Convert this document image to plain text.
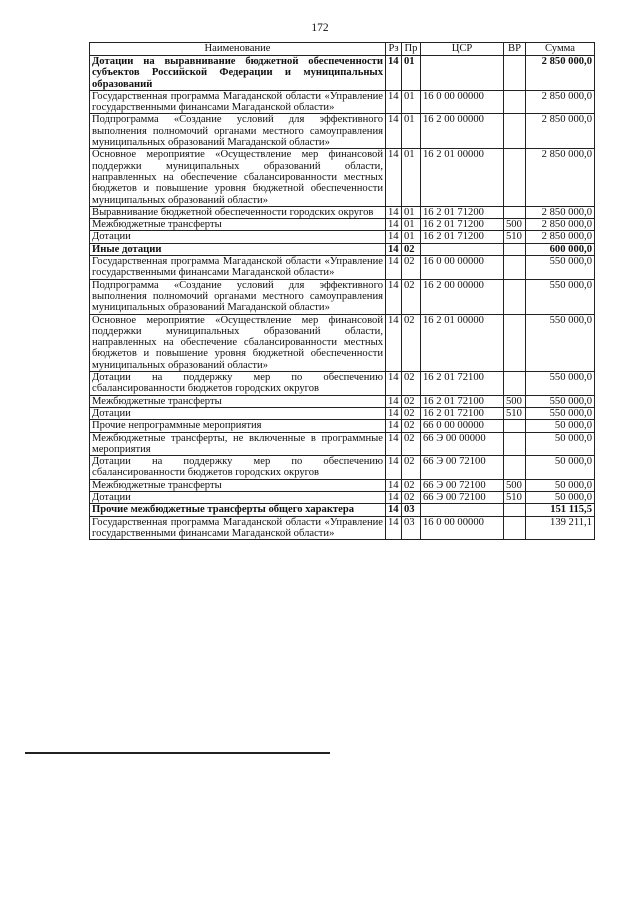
172
Наименование	Рз	Пр	ЦСР	ВР	Сумма
Дотации на выравнивание бюджетной обеспеченности субъектов Российской Федерации и муниципальных образований	14	01			2 850 000,0
Государственная программа Магаданской области «Управление государственными финансами Магаданской области»	14	01	16 0 00 00000		2 850 000,0
Подпрограмма «Создание условий для эффективного выполнения полномочий органами местного самоуправления муниципальных образований Магаданской области»	14	01	16 2 00 00000		2 850 000,0
Основное мероприятие «Осуществление мер финансовой поддержки муниципальных образований области, направленных на обеспечение сбалансированности местных бюджетов и повышение уровня бюджетной обеспеченности муниципальных образований области»	14	01	16 2 01 00000		2 850 000,0
Выравнивание бюджетной обеспеченности городских округов	14	01	16 2 01 71200		2 850 000,0
Межбюджетные трансферты	14	01	16 2 01 71200	500	2 850 000,0
Дотации	14	01	16 2 01 71200	510	2 850 000,0
Иные дотации	14	02			600 000,0
Государственная программа Магаданской области «Управление государственными финансами Магаданской области»	14	02	16 0 00 00000		550 000,0
Подпрограмма «Создание условий для эффективного выполнения полномочий органами местного самоуправления муниципальных образований Магаданской области»	14	02	16 2 00 00000		550 000,0
Основное мероприятие «Осуществление мер финансовой поддержки муниципальных образований области, направленных на обеспечение сбалансированности местных бюджетов и повышение уровня бюджетной обеспеченности муниципальных образований области»	14	02	16 2 01 00000		550 000,0
Дотации на поддержку мер по обеспечению сбалансированности бюджетов городских округов	14	02	16 2 01 72100		550 000,0
Межбюджетные трансферты	14	02	16 2 01 72100	500	550 000,0
Дотации	14	02	16 2 01 72100	510	550 000,0
Прочие непрограммные мероприятия	14	02	66 0 00 00000		50 000,0
Межбюджетные трансферты, не включенные в программные мероприятия	14	02	66 Э 00 00000		50 000,0
Дотации на поддержку мер по обеспечению сбалансированности бюджетов городских округов	14	02	66 Э 00 72100		50 000,0
Межбюджетные трансферты	14	02	66 Э 00 72100	500	50 000,0
Дотации	14	02	66 Э 00 72100	510	50 000,0
Прочие межбюджетные трансферты общего характера	14	03			151 115,5
Государственная программа Магаданской области «Управление государственными финансами Магаданской области»	14	03	16 0 00 00000		139 211,1
